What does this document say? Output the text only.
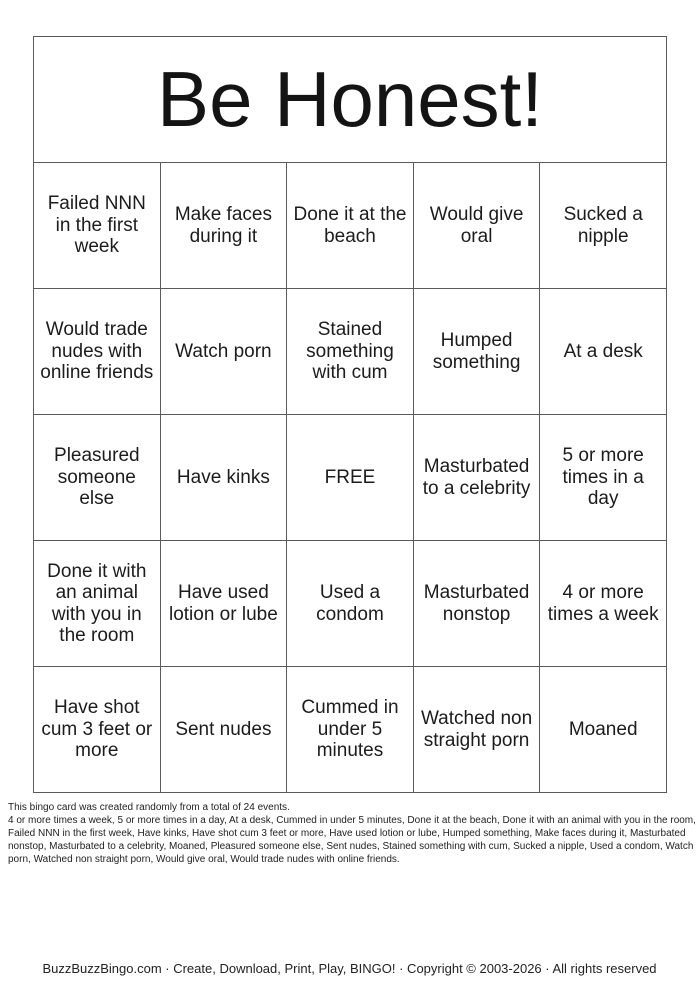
Be Honest!				
Failed NNN in the first week	Make faces during it	Done it at the beach	Would give oral	Sucked a nipple
Would trade nudes with online friends	Watch porn	Stained something with cum	Humped something	At a desk
Pleasured someone else	Have kinks	FREE	Masturbated to a celebrity	5 or more times in a day
Done it with an animal with you in the room	Have used lotion or lube	Used a condom	Masturbated nonstop	4 or more times a week
Have shot cum 3 feet or more	Sent nudes	Cummed in under 5 minutes	Watched non straight porn	Moaned
This bingo card was created randomly from a total of 24 events.
4 or more times a week, 5 or more times in a day, At a desk, Cummed in under 5 minutes, Done it at the beach, Done it with an animal with you in the room, Failed NNN in the first week, Have kinks, Have shot cum 3 feet or more, Have used lotion or lube, Humped something, Make faces during it, Masturbated nonstop, Masturbated to a celebrity, Moaned, Pleasured someone else, Sent nudes, Stained something with cum, Sucked a nipple, Used a condom, Watch porn, Watched non straight porn, Would give oral, Would trade nudes with online friends.
BuzzBuzzBingo.com · Create, Download, Print, Play, BINGO! · Copyright © 2003-2026 · All rights reserved
